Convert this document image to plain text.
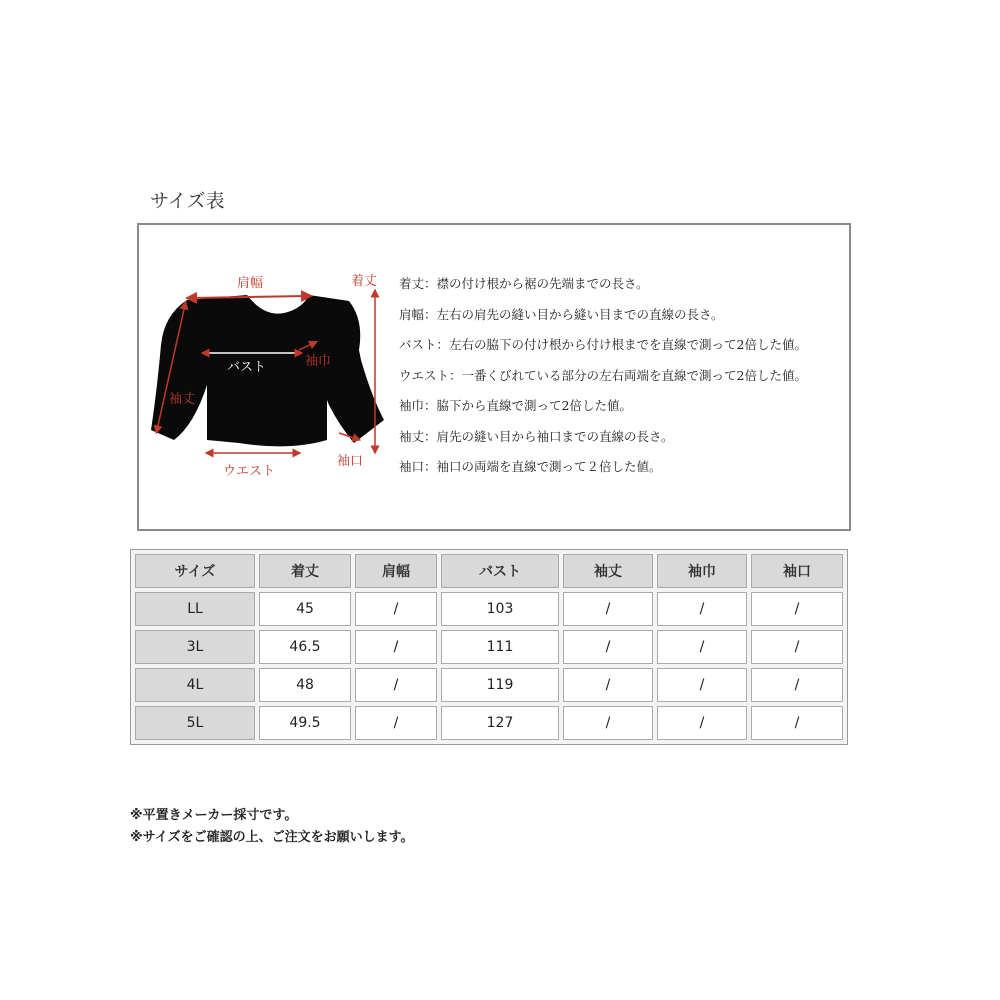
サイズ表
肩幅	着丈
バスト	袖巾
袖丈
袖口
ウエスト
着丈：襟の付け根から裾の先端までの長さ。
肩幅：左右の肩先の縫い目から縫い目までの直線の長さ。
バスト：左右の脇下の付け根から付け根までを直線で測って2倍した値。
ウエスト：一番くびれている部分の左右両端を直線で測って2倍した値。
袖巾：脇下から直線で測って2倍した値。
袖丈：肩先の縫い目から袖口までの直線の長さ。
袖口：袖口の両端を直線で測って２倍した値。
サイズ	着丈	肩幅	バスト	袖丈	袖巾	袖口
LL	45	/	103	/	/	/
3L	46.5	/	111	/	/	/
4L	48	/	119	/	/	/
5L	49.5	/	127	/	/	/
※平置きメーカー採寸です。
※サイズをご確認の上、ご注文をお願いします。
